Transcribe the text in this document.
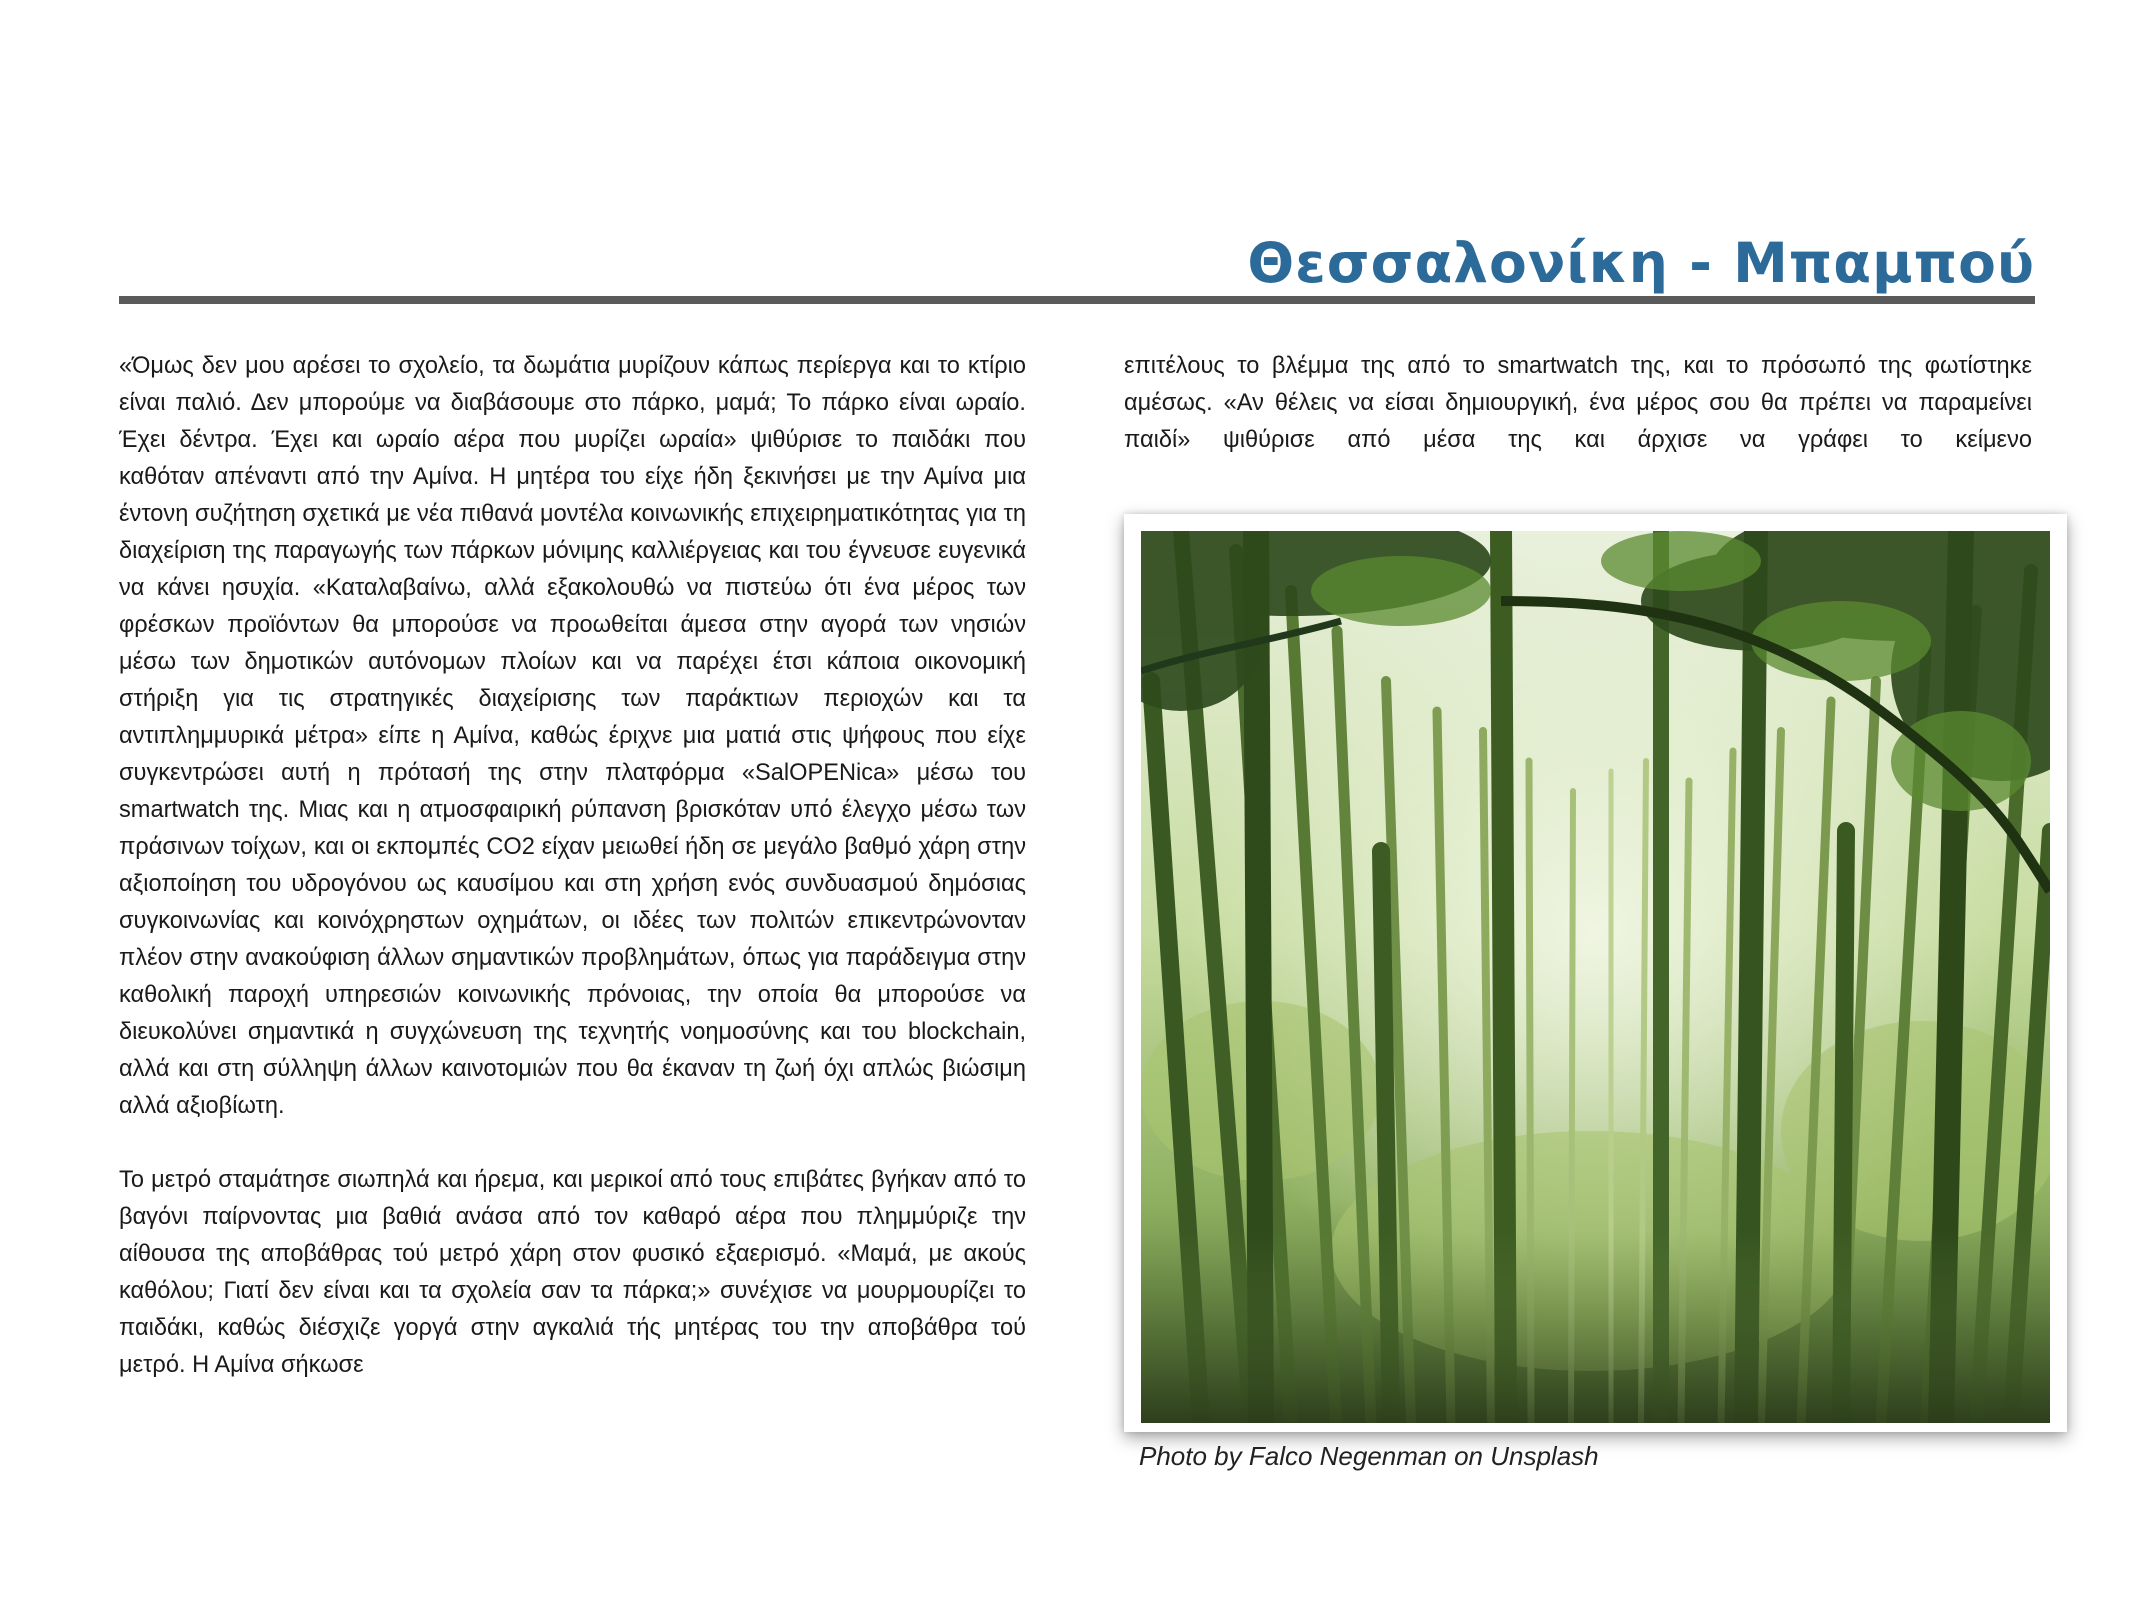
Θεσσαλονίκη - Μπαμπού

«Όμως δεν μου αρέσει το σχολείο, τα δωμάτια μυρίζουν κάπως περίεργα και το κτίριο είναι παλιό. Δεν μπορούμε να διαβάσουμε στο πάρκο, μαμά; Το πάρκο είναι ωραίο. Έχει δέντρα. Έχει και ωραίο αέρα που μυρίζει ωραία» ψιθύρισε το παιδάκι που καθόταν απέναντι από την Αμίνα. Η μητέρα του είχε ήδη ξεκινήσει με την Αμίνα μια έντονη συζήτηση σχετικά με νέα πιθανά μοντέλα κοινωνικής επιχειρηματικότητας για τη διαχείριση της παραγωγής των πάρκων μόνιμης καλλιέργειας και του έγνευσε ευγενικά να κάνει ησυχία. «Καταλαβαίνω, αλλά εξακολουθώ να πιστεύω ότι ένα μέρος των φρέσκων προϊόντων θα μπορούσε να προωθείται άμεσα στην αγορά των νησιών μέσω των δημοτικών αυτόνομων πλοίων και να παρέχει έτσι κάποια οικονομική στήριξη για τις στρατηγικές διαχείρισης των παράκτιων περιοχών και τα αντιπλημμυρικά μέτρα» είπε η Αμίνα, καθώς έριχνε μια ματιά στις ψήφους που είχε συγκεντρώσει αυτή η πρότασή της στην πλατφόρμα «SalOPENica» μέσω του smartwatch της. Μιας και η ατμοσφαιρική ρύπανση βρισκόταν υπό έλεγχο μέσω των πράσινων τοίχων, και οι εκπομπές CO2 είχαν μειωθεί ήδη σε μεγάλο βαθμό χάρη στην αξιοποίηση του υδρογόνου ως καυσίμου και στη χρήση ενός συνδυασμού δημόσιας συγκοινωνίας και κοινόχρηστων οχημάτων, οι ιδέες των πολιτών επικεντρώνονταν πλέον στην ανακούφιση άλλων σημαντικών προβλημάτων, όπως για παράδειγμα στην καθολική παροχή υπηρεσιών κοινωνικής πρόνοιας, την οποία θα μπορούσε να διευκολύνει σημαντικά η συγχώνευση της τεχνητής νοημοσύνης και του blockchain, αλλά και στη σύλληψη άλλων καινοτομιών που θα έκαναν τη ζωή όχι απλώς βιώσιμη αλλά αξιοβίωτη.

Το μετρό σταμάτησε σιωπηλά και ήρεμα, και μερικοί από τους επιβάτες βγήκαν από το βαγόνι παίρνοντας μια βαθιά ανάσα από τον καθαρό αέρα που πλημμύριζε την αίθουσα της αποβάθρας τού μετρό χάρη στον φυσικό εξαερισμό. «Μαμά, με ακούς καθόλου; Γιατί δεν είναι και τα σχολεία σαν τα πάρκα;» συνέχισε να μουρμουρίζει το παιδάκι, καθώς διέσχιζε γοργά στην αγκαλιά τής μητέρας του την αποβάθρα τού μετρό. Η Αμίνα σήκωσε

επιτέλους το βλέμμα της από το smartwatch της, και το πρόσωπό της φωτίστηκε αμέσως. «Αν θέλεις να είσαι δημιουργική, ένα μέρος σου θα πρέπει να παραμείνει παιδί» ψιθύρισε από μέσα της και άρχισε να γράφει το κείμενο

Photo by Falco Negenman on Unsplash
